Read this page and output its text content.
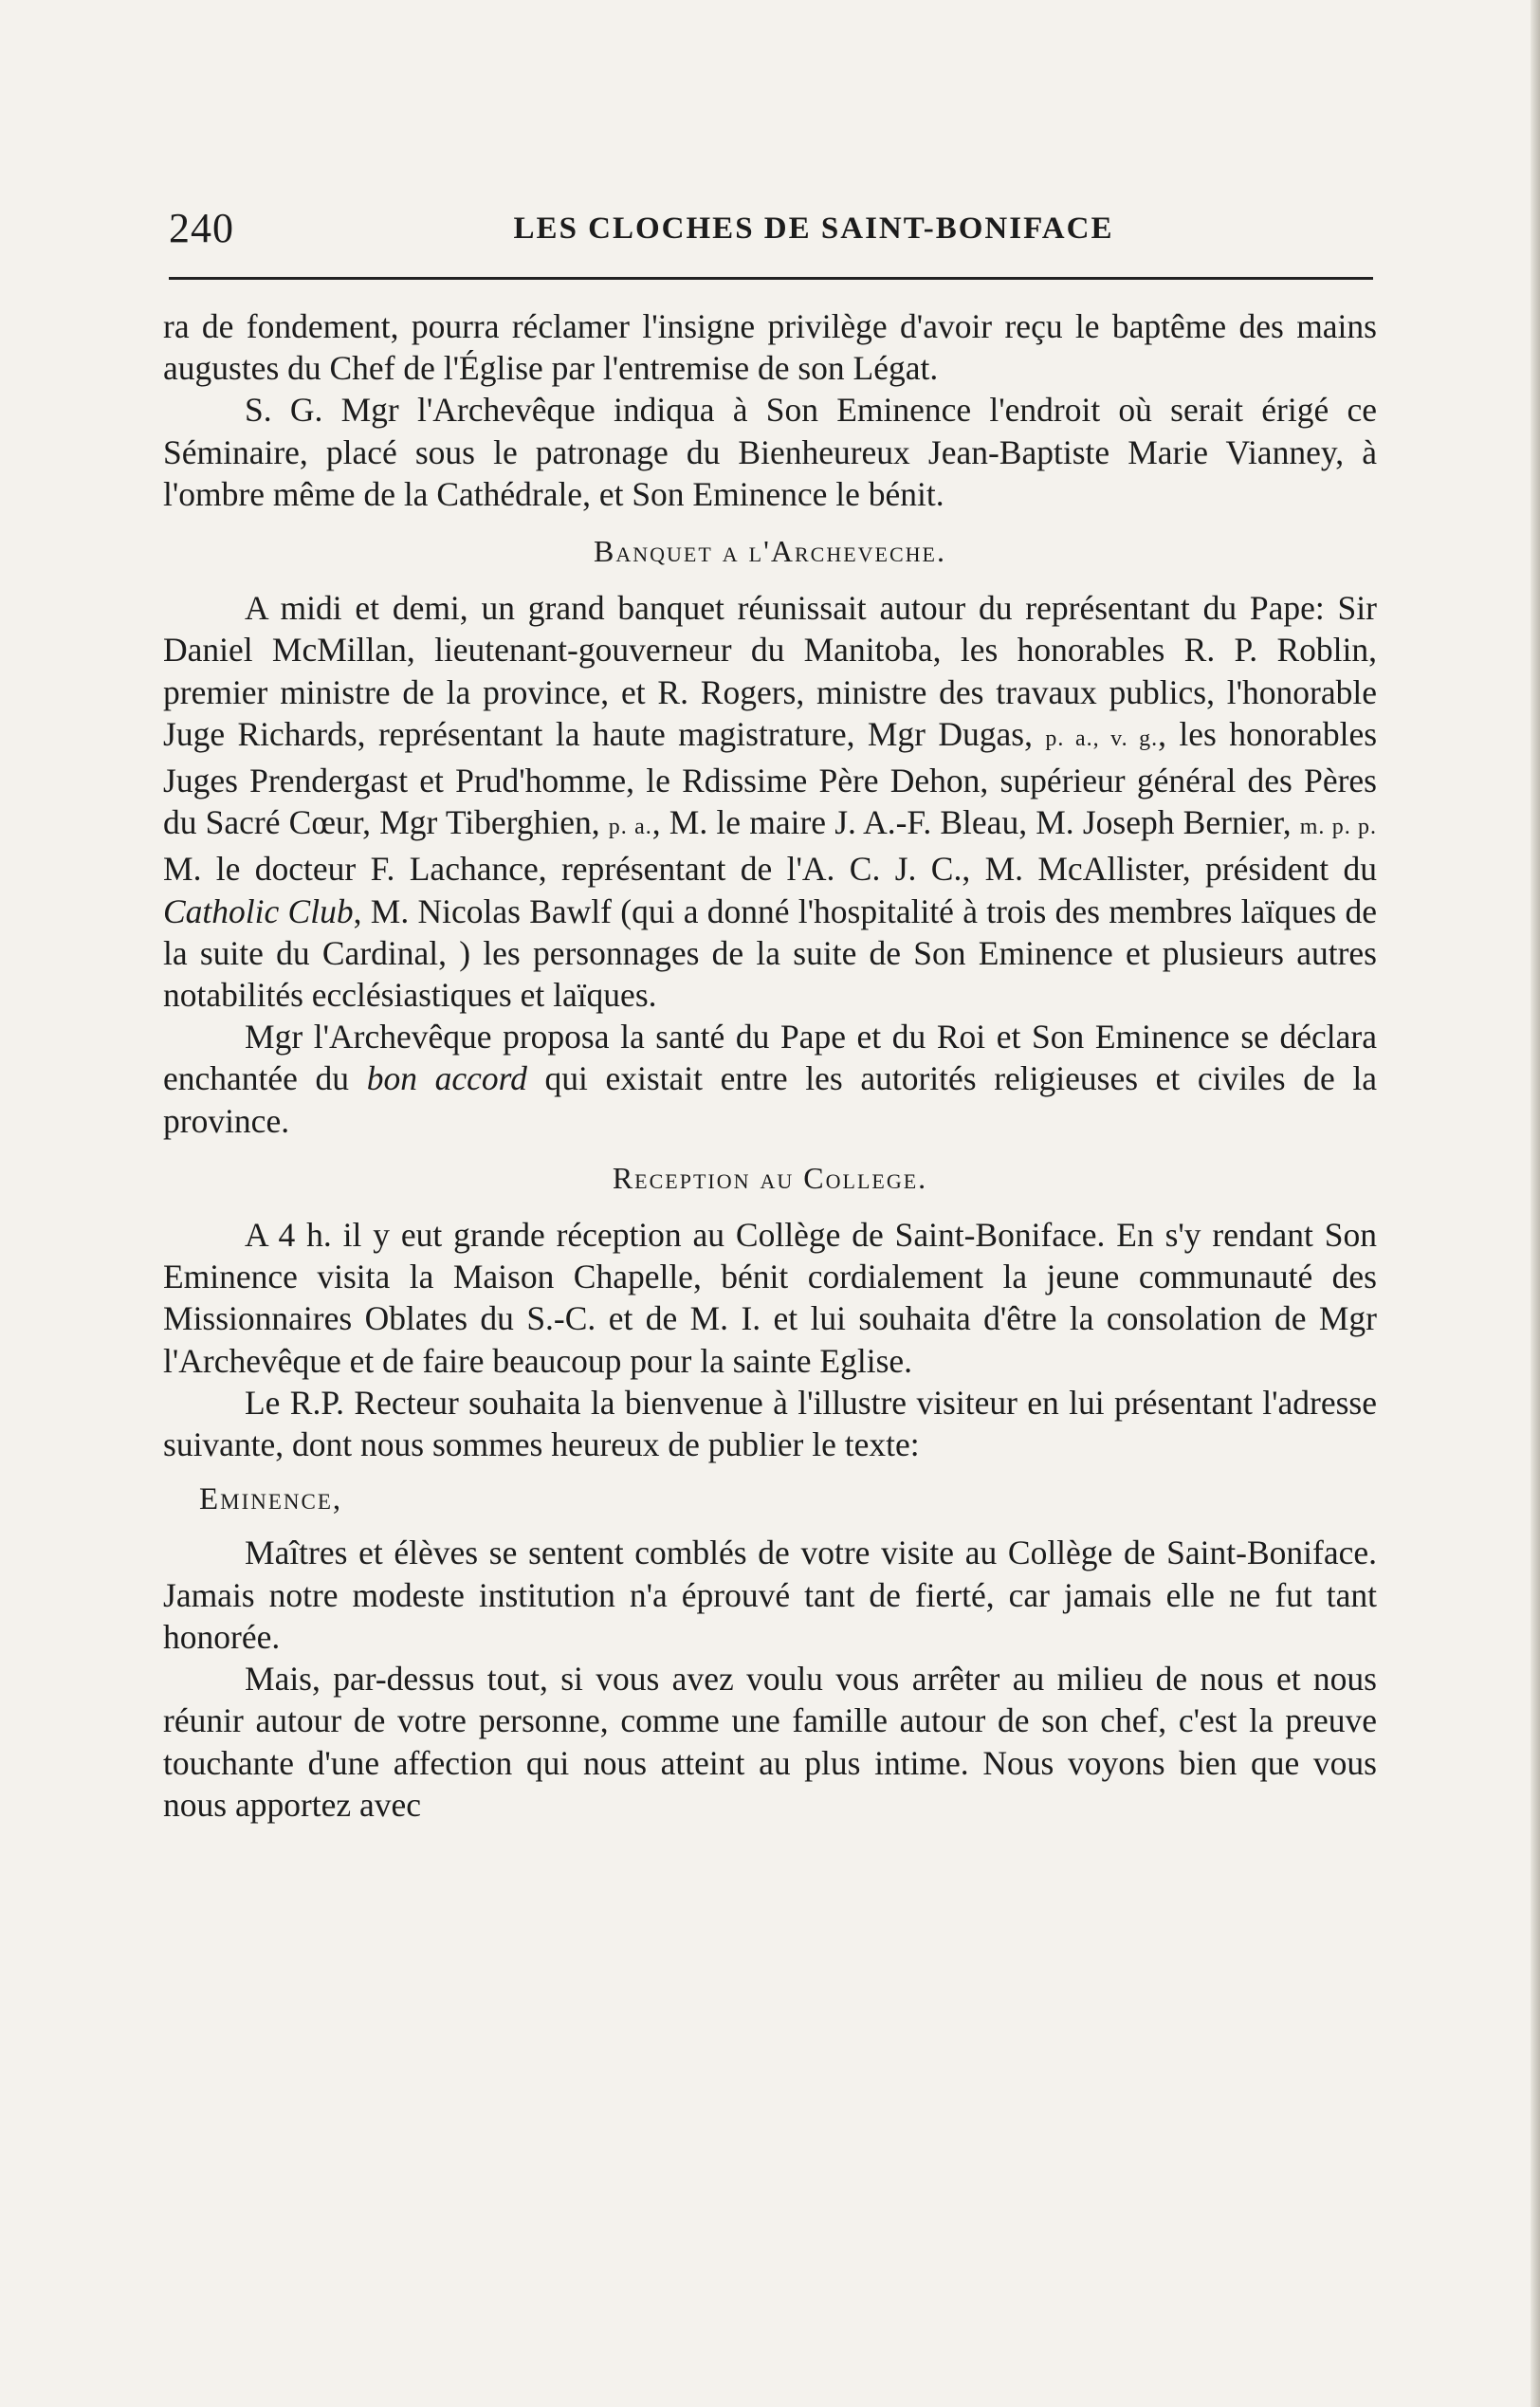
240	LES CLOCHES DE SAINT-BONIFACE

ra de fondement, pourra réclamer l'insigne privilège d'avoir reçu le baptême des mains augustes du Chef de l'Église par l'entremise de son Légat.

S. G. Mgr l'Archevêque indiqua à Son Eminence l'endroit où serait érigé ce Séminaire, placé sous le patronage du Bienheureux Jean-Baptiste Marie Vianney, à l'ombre même de la Cathédrale, et Son Eminence le bénit.

Banquet a l'Archeveche.

A midi et demi, un grand banquet réunissait autour du représentant du Pape: Sir Daniel McMillan, lieutenant-gouverneur du Manitoba, les honorables R. P. Roblin, premier ministre de la province, et R. Rogers, ministre des travaux publics, l'honorable Juge Richards, représentant la haute magistrature, Mgr Dugas, p. a., v. g., les honorables Juges Prendergast et Prud'homme, le Rdissime Père Dehon, supérieur général des Pères du Sacré Cœur, Mgr Tiberghien, p. a., M. le maire J. A.-F. Bleau, M. Joseph Bernier, m. p. p. M. le docteur F. Lachance, représentant de l'A. C. J. C., M. McAllister, président du Catholic Club, M. Nicolas Bawlf (qui a donné l'hospitalité à trois des membres laïques de la suite du Cardinal, ) les personnages de la suite de Son Eminence et plusieurs autres notabilités ecclésiastiques et laïques.

Mgr l'Archevêque proposa la santé du Pape et du Roi et Son Eminence se déclara enchantée du bon accord qui existait entre les autorités religieuses et civiles de la province.

Reception au College.

A 4 h. il y eut grande réception au Collège de Saint-Boniface. En s'y rendant Son Eminence visita la Maison Chapelle, bénit cordialement la jeune communauté des Missionnaires Oblates du S.-C. et de M. I. et lui souhaita d'être la consolation de Mgr l'Archevêque et de faire beaucoup pour la sainte Eglise.

Le R.P. Recteur souhaita la bienvenue à l'illustre visiteur en lui présentant l'adresse suivante, dont nous sommes heureux de publier le texte:

Eminence,

Maîtres et élèves se sentent comblés de votre visite au Collège de Saint-Boniface. Jamais notre modeste institution n'a éprouvé tant de fierté, car jamais elle ne fut tant honorée.

Mais, par-dessus tout, si vous avez voulu vous arrêter au milieu de nous et nous réunir autour de votre personne, comme une famille autour de son chef, c'est la preuve touchante d'une affection qui nous atteint au plus intime. Nous voyons bien que vous nous apportez avec
